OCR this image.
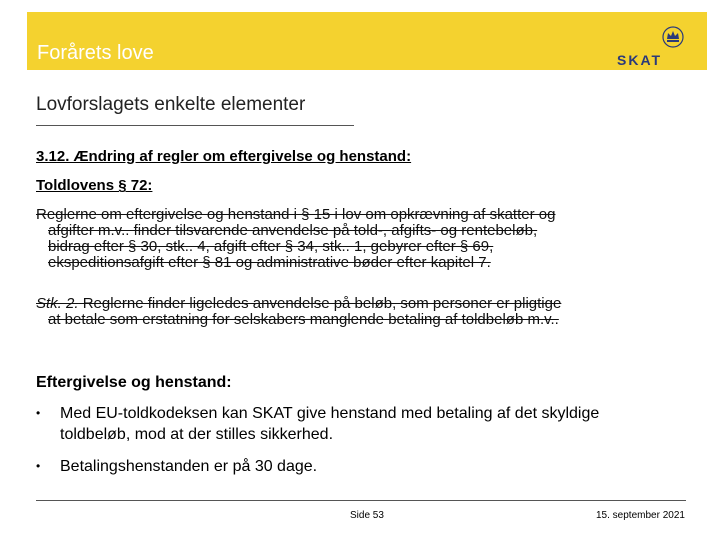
Forårets love	SKAT
Lovforslagets enkelte elementer
3.12. Ændring af regler om eftergivelse og henstand:
Toldlovens § 72:
Reglerne om eftergivelse og henstand i § 15 i lov om opkrævning af skatter og
afgifter m.v.. finder tilsvarende anvendelse på told-, afgifts- og rentebeløb,
bidrag efter § 30, stk.. 4, afgift efter § 34, stk.. 1, gebyrer efter § 69,
ekspeditionsafgift efter § 81 og administrative bøder efter kapitel 7.
Stk. 2. Reglerne finder ligeledes anvendelse på beløb, som personer er pligtige
at betale som erstatning for selskabers manglende betaling af toldbeløb m.v..
Eftergivelse og henstand:
• Med EU-toldkodeksen kan SKAT give henstand med betaling af det skyldige
toldbeløb, mod at der stilles sikkerhed.
• Betalingshenstanden er på 30 dage.
Side 53	15. september 2021
